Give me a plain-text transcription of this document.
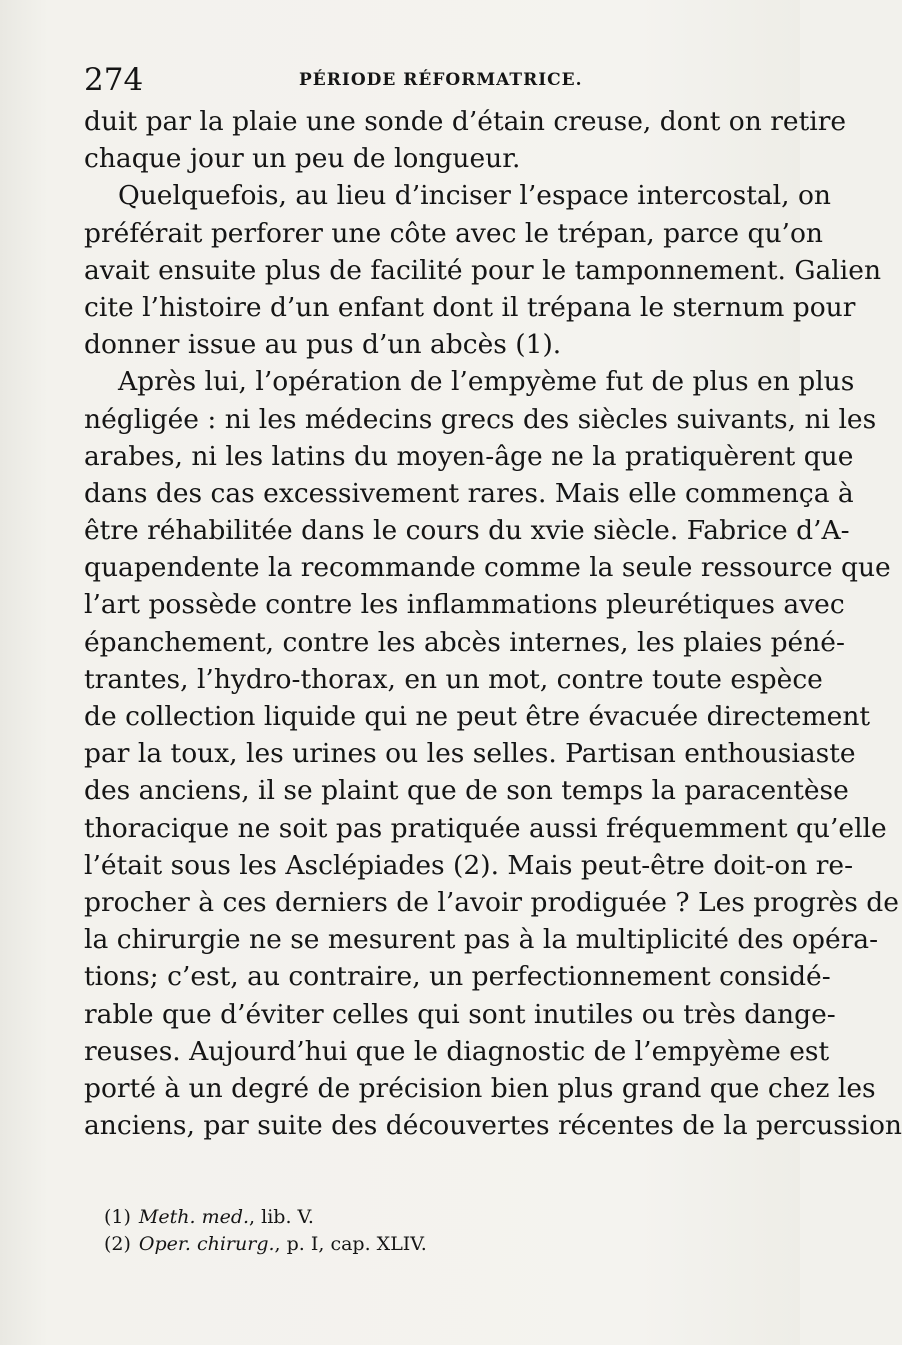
274	PÉRIODE RÉFORMATRICE.
duit par la plaie une sonde d’étain creuse, dont on retire
chaque jour un peu de longueur.
Quelquefois, au lieu d’inciser l’espace intercostal, on
préférait perforer une côte avec le trépan, parce qu’on
avait ensuite plus de facilité pour le tamponnement. Galien
cite l’histoire d’un enfant dont il trépana le sternum pour
donner issue au pus d’un abcès (1).
Après lui, l’opération de l’empyème fut de plus en plus
négligée : ni les médecins grecs des siècles suivants, ni les
arabes, ni les latins du moyen-âge ne la pratiquèrent que
dans des cas excessivement rares. Mais elle commença à
être réhabilitée dans le cours du xvie siècle. Fabrice d’A-
quapendente la recommande comme la seule ressource que
l’art possède contre les inflammations pleurétiques avec
épanchement, contre les abcès internes, les plaies péné-
trantes, l’hydro-thorax, en un mot, contre toute espèce
de collection liquide qui ne peut être évacuée directement
par la toux, les urines ou les selles. Partisan enthousiaste
des anciens, il se plaint que de son temps la paracentèse
thoracique ne soit pas pratiquée aussi fréquemment qu’elle
l’était sous les Asclépiades (2). Mais peut-être doit-on re-
procher à ces derniers de l’avoir prodiguée ? Les progrès de
la chirurgie ne se mesurent pas à la multiplicité des opéra-
tions; c’est, au contraire, un perfectionnement considé-
rable que d’éviter celles qui sont inutiles ou très dange-
reuses. Aujourd’hui que le diagnostic de l’empyème est
porté à un degré de précision bien plus grand que chez les
anciens, par suite des découvertes récentes de la percussion
(1) Meth. med., lib. V.
(2) Oper. chirurg., p. I, cap. XLIV.
